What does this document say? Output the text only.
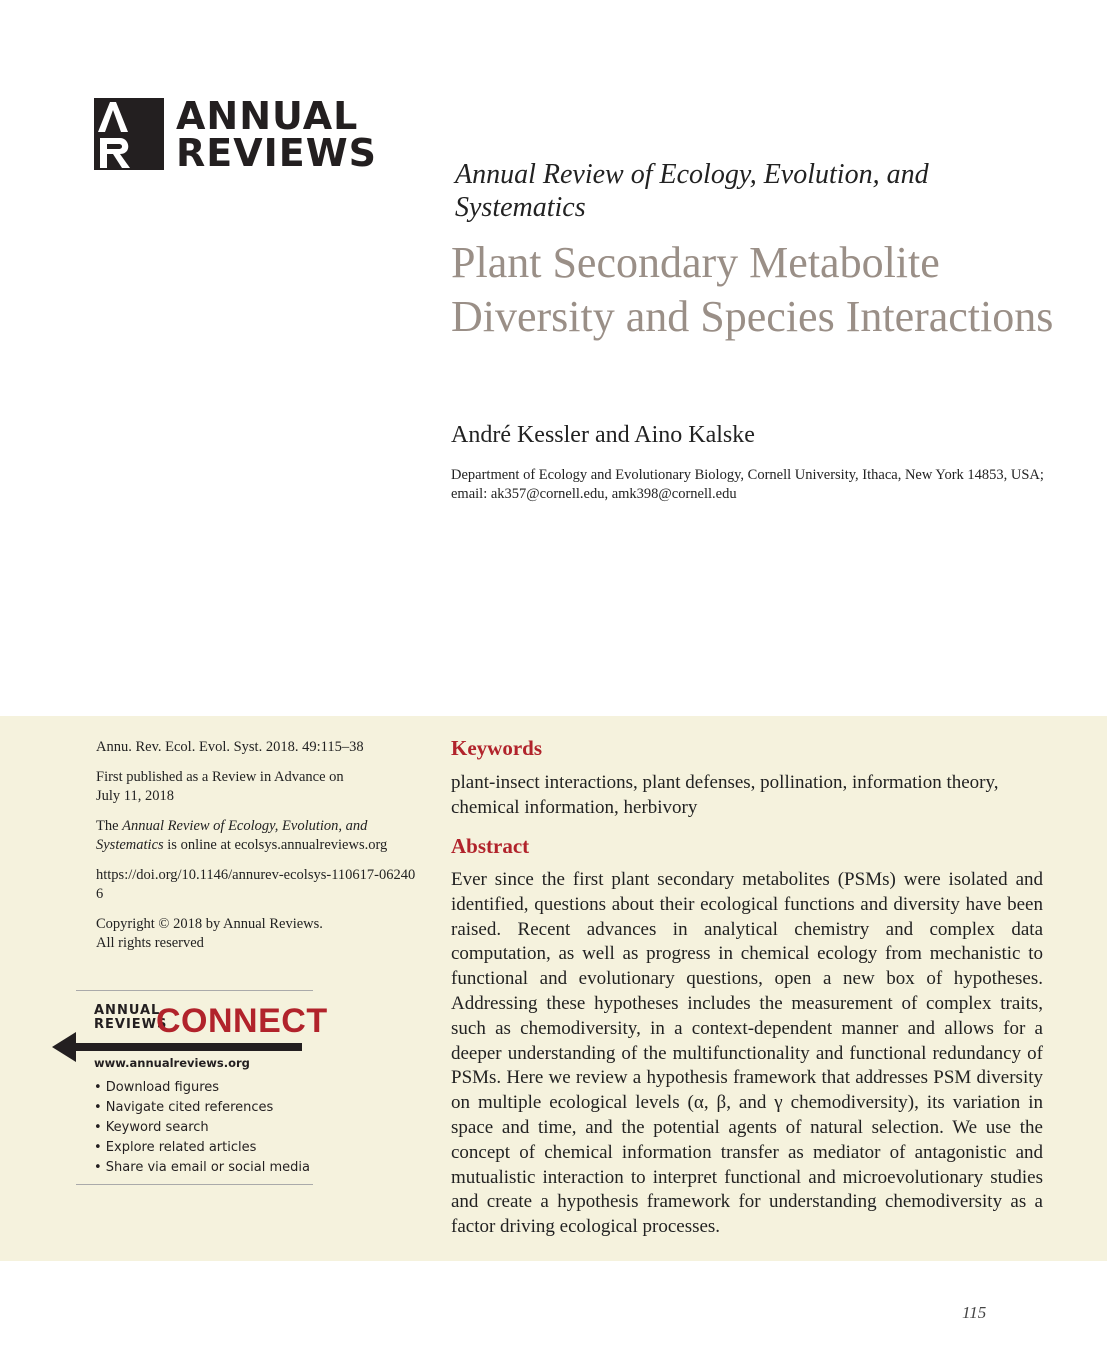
ANNUAL
REVIEWS	Annual Review of Ecology, Evolution, and Systematics
Plant Secondary Metabolite Diversity and Species Interactions
André Kessler and Aino Kalske
Department of Ecology and Evolutionary Biology, Cornell University, Ithaca, New York 14853, USA; email: ak357@cornell.edu, amk398@cornell.edu

Annu. Rev. Ecol. Evol. Syst. 2018. 49:115–38

First published as a Review in Advance on
July 11, 2018

The Annual Review of Ecology, Evolution, and Systematics is online at ecolsys.annualreviews.org

https://doi.org/10.1146/annurev-ecolsys-110617-062406

Copyright © 2018 by Annual Reviews.
All rights reserved

ANNUAL
REVIEWS
CONNECT
www.annualreviews.org
• Download figures
• Navigate cited references
• Keyword search
• Explore related articles
• Share via email or social media
Keywords

plant-insect interactions, plant defenses, pollination, information theory, chemical information, herbivory

Abstract

Ever since the first plant secondary metabolites (PSMs) were isolated and identified, questions about their ecological functions and diversity have been raised. Recent advances in analytical chemistry and complex data computation, as well as progress in chemical ecology from mechanistic to functional and evolutionary questions, open a new box of hypotheses. Addressing these hypotheses includes the measurement of complex traits, such as chemodiversity, in a context-dependent manner and allows for a deeper understanding of the multifunctionality and functional redundancy of PSMs. Here we review a hypothesis framework that addresses PSM diversity on multiple ecological levels (α, β, and γ chemodiversity), its variation in space and time, and the potential agents of natural selection. We use the concept of chemical information transfer as mediator of antagonistic and mutualistic interaction to interpret functional and microevolutionary studies and create a hypothesis framework for understanding chemodiversity as a factor driving ecological processes.

115
